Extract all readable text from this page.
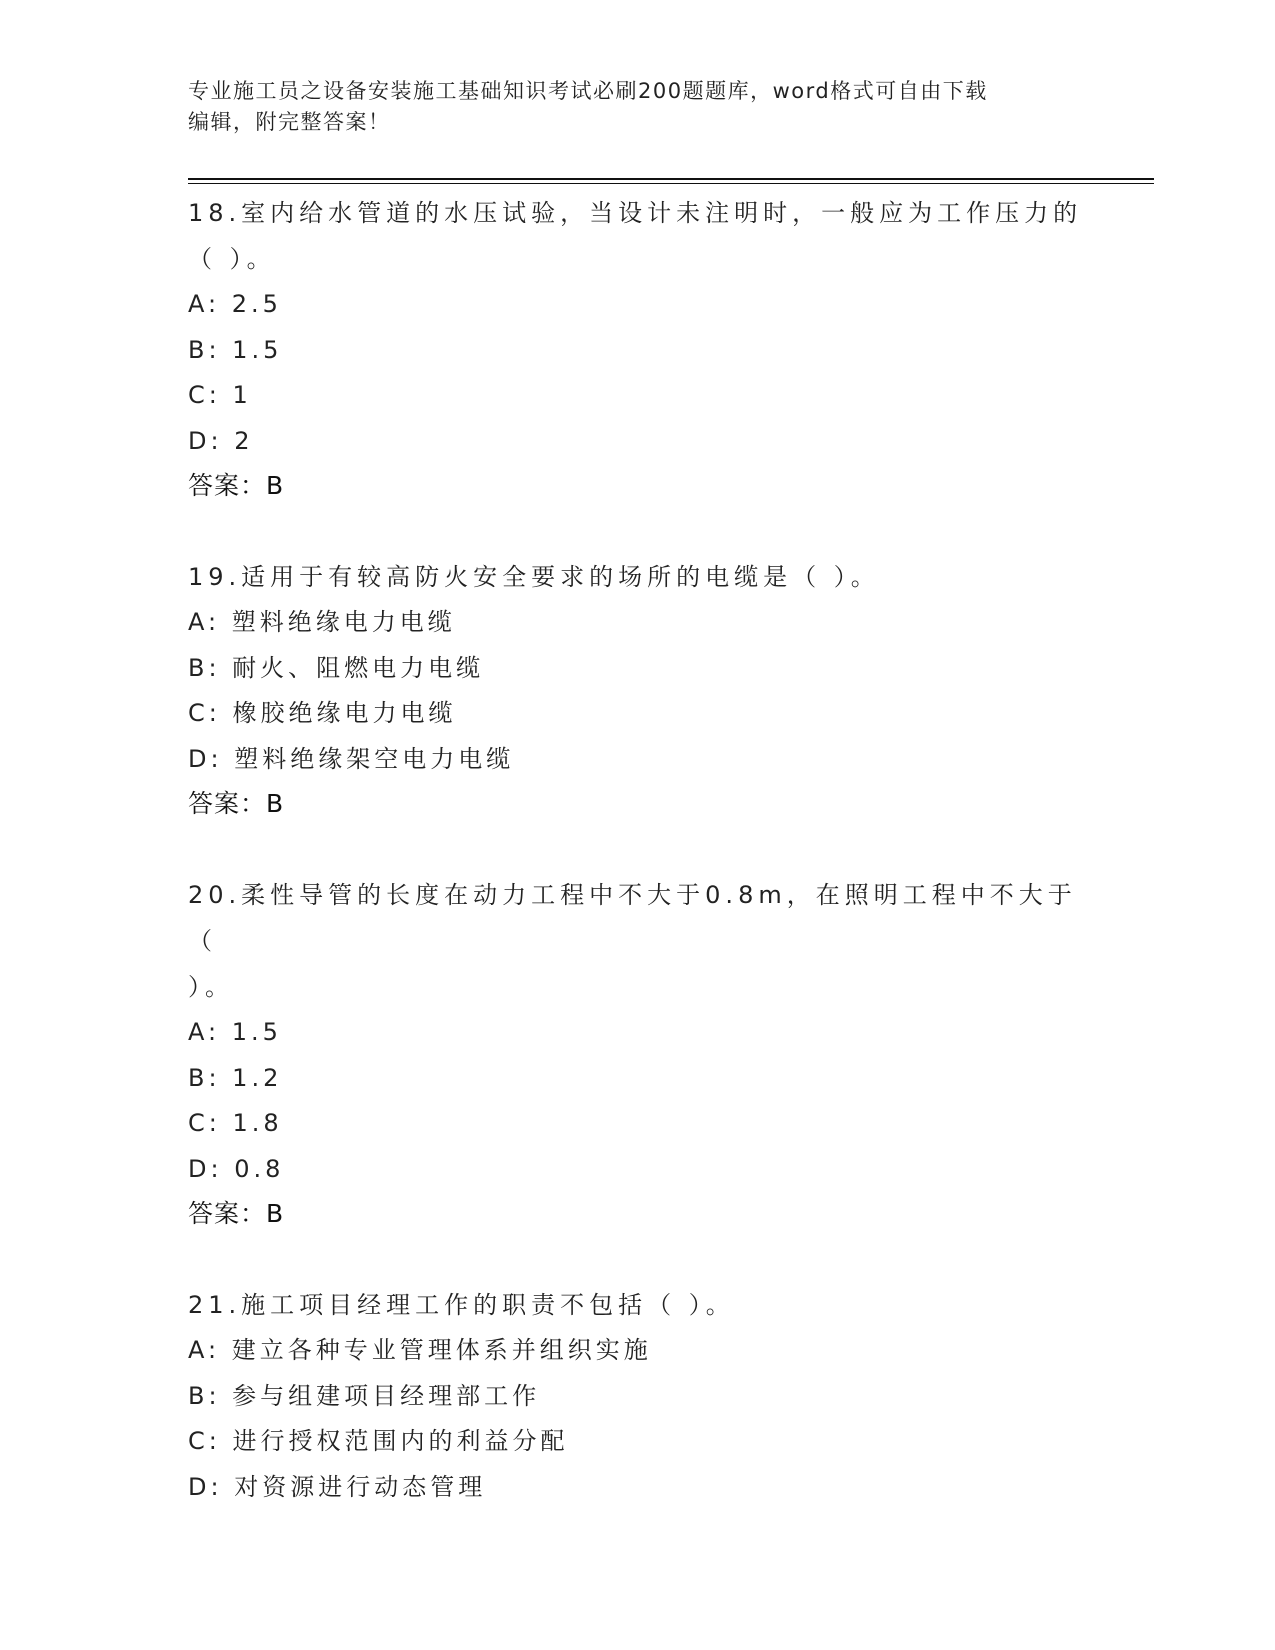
专业施工员之设备安装施工基础知识考试必刷200题题库，word格式可自由下载
编辑，附完整答案！
18.室内给水管道的水压试验，当设计未注明时，一般应为工作压力的
（ ）。
A: 2.5
B: 1.5
C: 1
D: 2
答案：B
19.适用于有较高防火安全要求的场所的电缆是（ ）。
A: 塑料绝缘电力电缆
B: 耐火、阻燃电力电缆
C: 橡胶绝缘电力电缆
D: 塑料绝缘架空电力电缆
答案：B
20.柔性导管的长度在动力工程中不大于0.8m，在照明工程中不大于（
）。
A: 1.5
B: 1.2
C: 1.8
D: 0.8
答案：B
21.施工项目经理工作的职责不包括（ ）。
A: 建立各种专业管理体系并组织实施
B: 参与组建项目经理部工作
C: 进行授权范围内的利益分配
D: 对资源进行动态管理
